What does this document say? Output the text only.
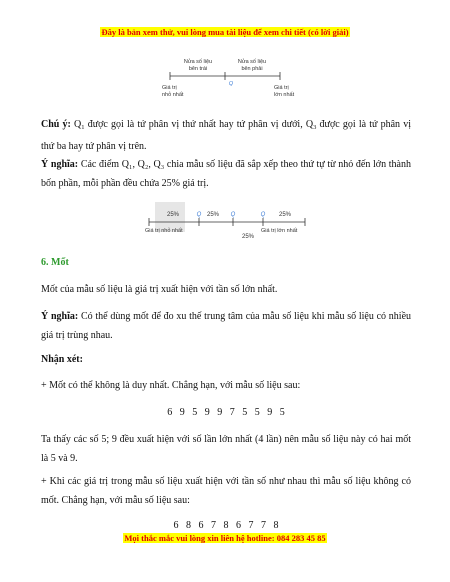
Đây là bản xem thử, vui lòng mua tài liệu để xem chi tiết (có lời giải)
Nửa số liệu
bên trái
Nửa số liệu
bên phải
Q
Giá trị
nhỏ nhất
Giá trị
lớn nhất
Chú ý: $Q_1$ được gọi là tứ phân vị thứ nhất hay tứ phân vị dưới, $Q_3$ được gọi là tứ phân vị thứ ba hay tứ phân vị trên.
Ý nghĩa: Các điểm Q₁, Q₂, Q₃ chia mẫu số liệu đã sắp xếp theo thứ tự từ nhỏ đến lớn thành bốn phần, mỗi phần đều chứa 25% giá trị.
25%	25%
25%
25%
Q	Q	Q
Giá trị nhỏ nhất	Giá trị lớn nhất
6. Mốt
Mốt của mẫu số liệu là giá trị xuất hiện với tần số lớn nhất.
Ý nghĩa: Có thể dùng mốt để đo xu thế trung tâm của mẫu số liệu khi mẫu số liệu có nhiều giá trị trùng nhau.
Nhận xét:
+ Mốt có thể không là duy nhất. Chẳng hạn, với mẫu số liệu sau:
6   9   5   9   9   7   5   5   9   5
Ta thấy các số 5; 9 đều xuất hiện với số lần lớn nhất (4 lần) nên mẫu số liệu này có hai mốt là 5 và 9.
+ Khi các giá trị trong mẫu số liệu xuất hiện với tần số như nhau thì mẫu số liệu không có mốt. Chẳng hạn, với mẫu số liệu sau:
6   8   6   7   8   6   7   7   8
Mọi thắc mắc vui lòng xin liên hệ hotline: 084 283 45 85
